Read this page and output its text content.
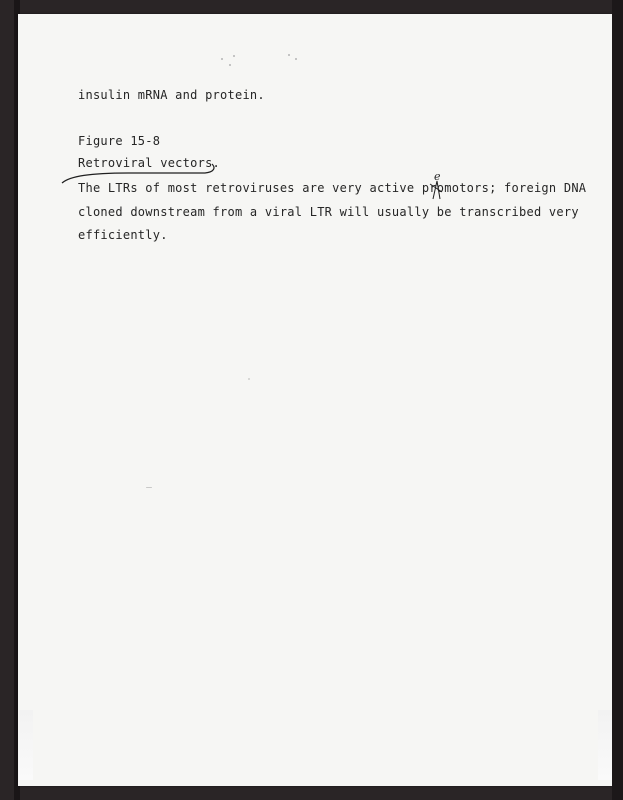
insulin mRNA and protein.
Figure 15-8
Retroviral vectors.
The LTRs of most retroviruses are very active promotors; foreign DNA
cloned downstream from a viral LTR will usually be transcribed very
efficiently.
e
